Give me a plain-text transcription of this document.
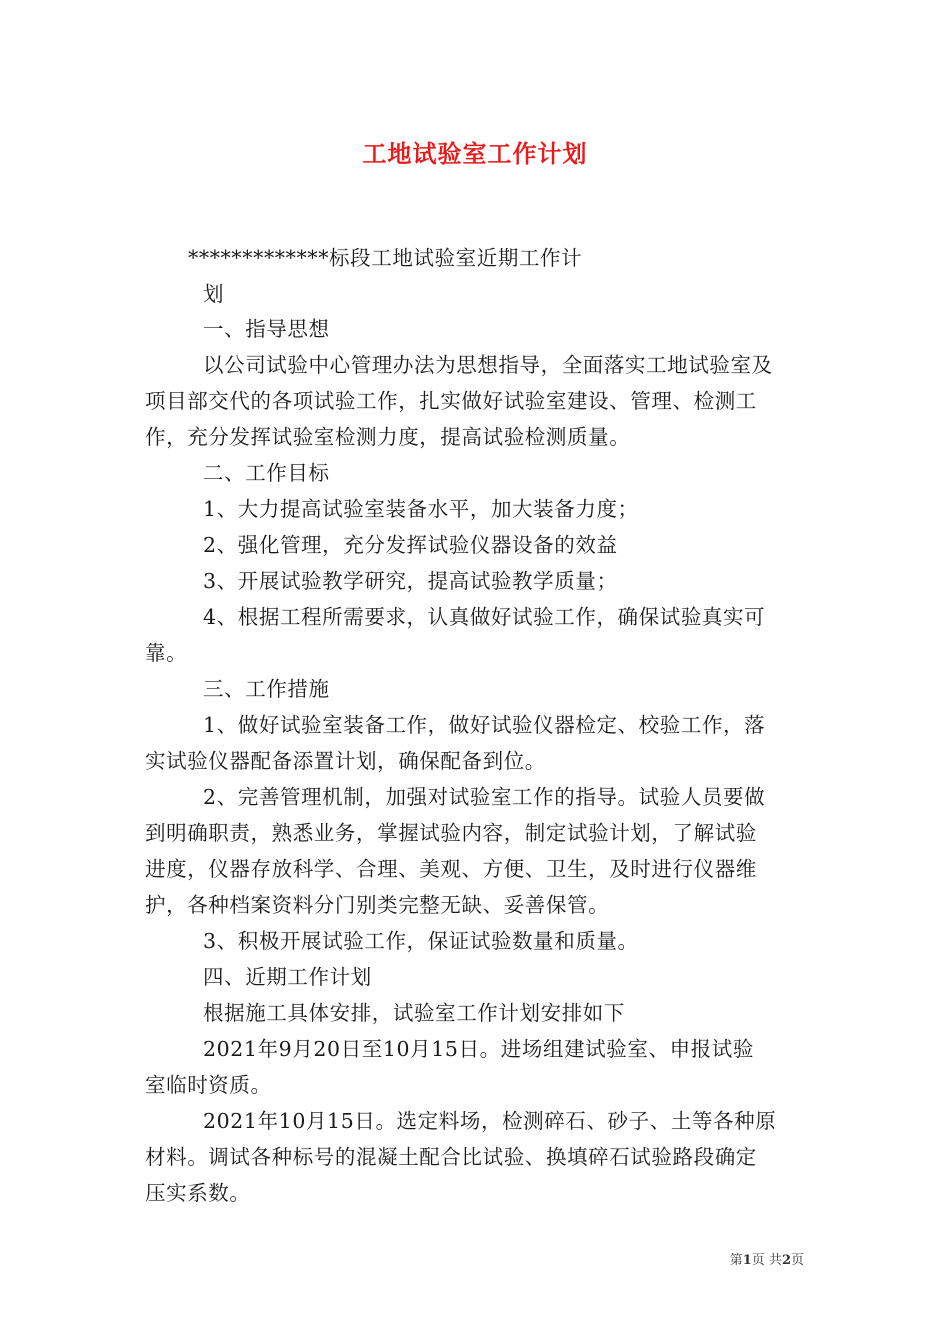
工地试验室工作计划
*************标段工地试验室近期工作计
划
一、指导思想
以公司试验中心管理办法为思想指导，全面落实工地试验室及
项目部交代的各项试验工作，扎实做好试验室建设、管理、检测工
作，充分发挥试验室检测力度，提高试验检测质量。
二、工作目标
1、大力提高试验室装备水平，加大装备力度；
2、强化管理，充分发挥试验仪器设备的效益
3、开展试验教学研究，提高试验教学质量；
4、根据工程所需要求，认真做好试验工作，确保试验真实可
靠。
三、工作措施
1、做好试验室装备工作，做好试验仪器检定、校验工作，落
实试验仪器配备添置计划，确保配备到位。
2、完善管理机制，加强对试验室工作的指导。试验人员要做
到明确职责，熟悉业务，掌握试验内容，制定试验计划，了解试验
进度，仪器存放科学、合理、美观、方便、卫生，及时进行仪器维
护，各种档案资料分门别类完整无缺、妥善保管。
3、积极开展试验工作，保证试验数量和质量。
四、近期工作计划
根据施工具体安排，试验室工作计划安排如下
2021年9月20日至10月15日。进场组建试验室、申报试验
室临时资质。
2021年10月15日。选定料场，检测碎石、砂子、土等各种原
材料。调试各种标号的混凝土配合比试验、换填碎石试验路段确定
压实系数。
第1页 共2页
